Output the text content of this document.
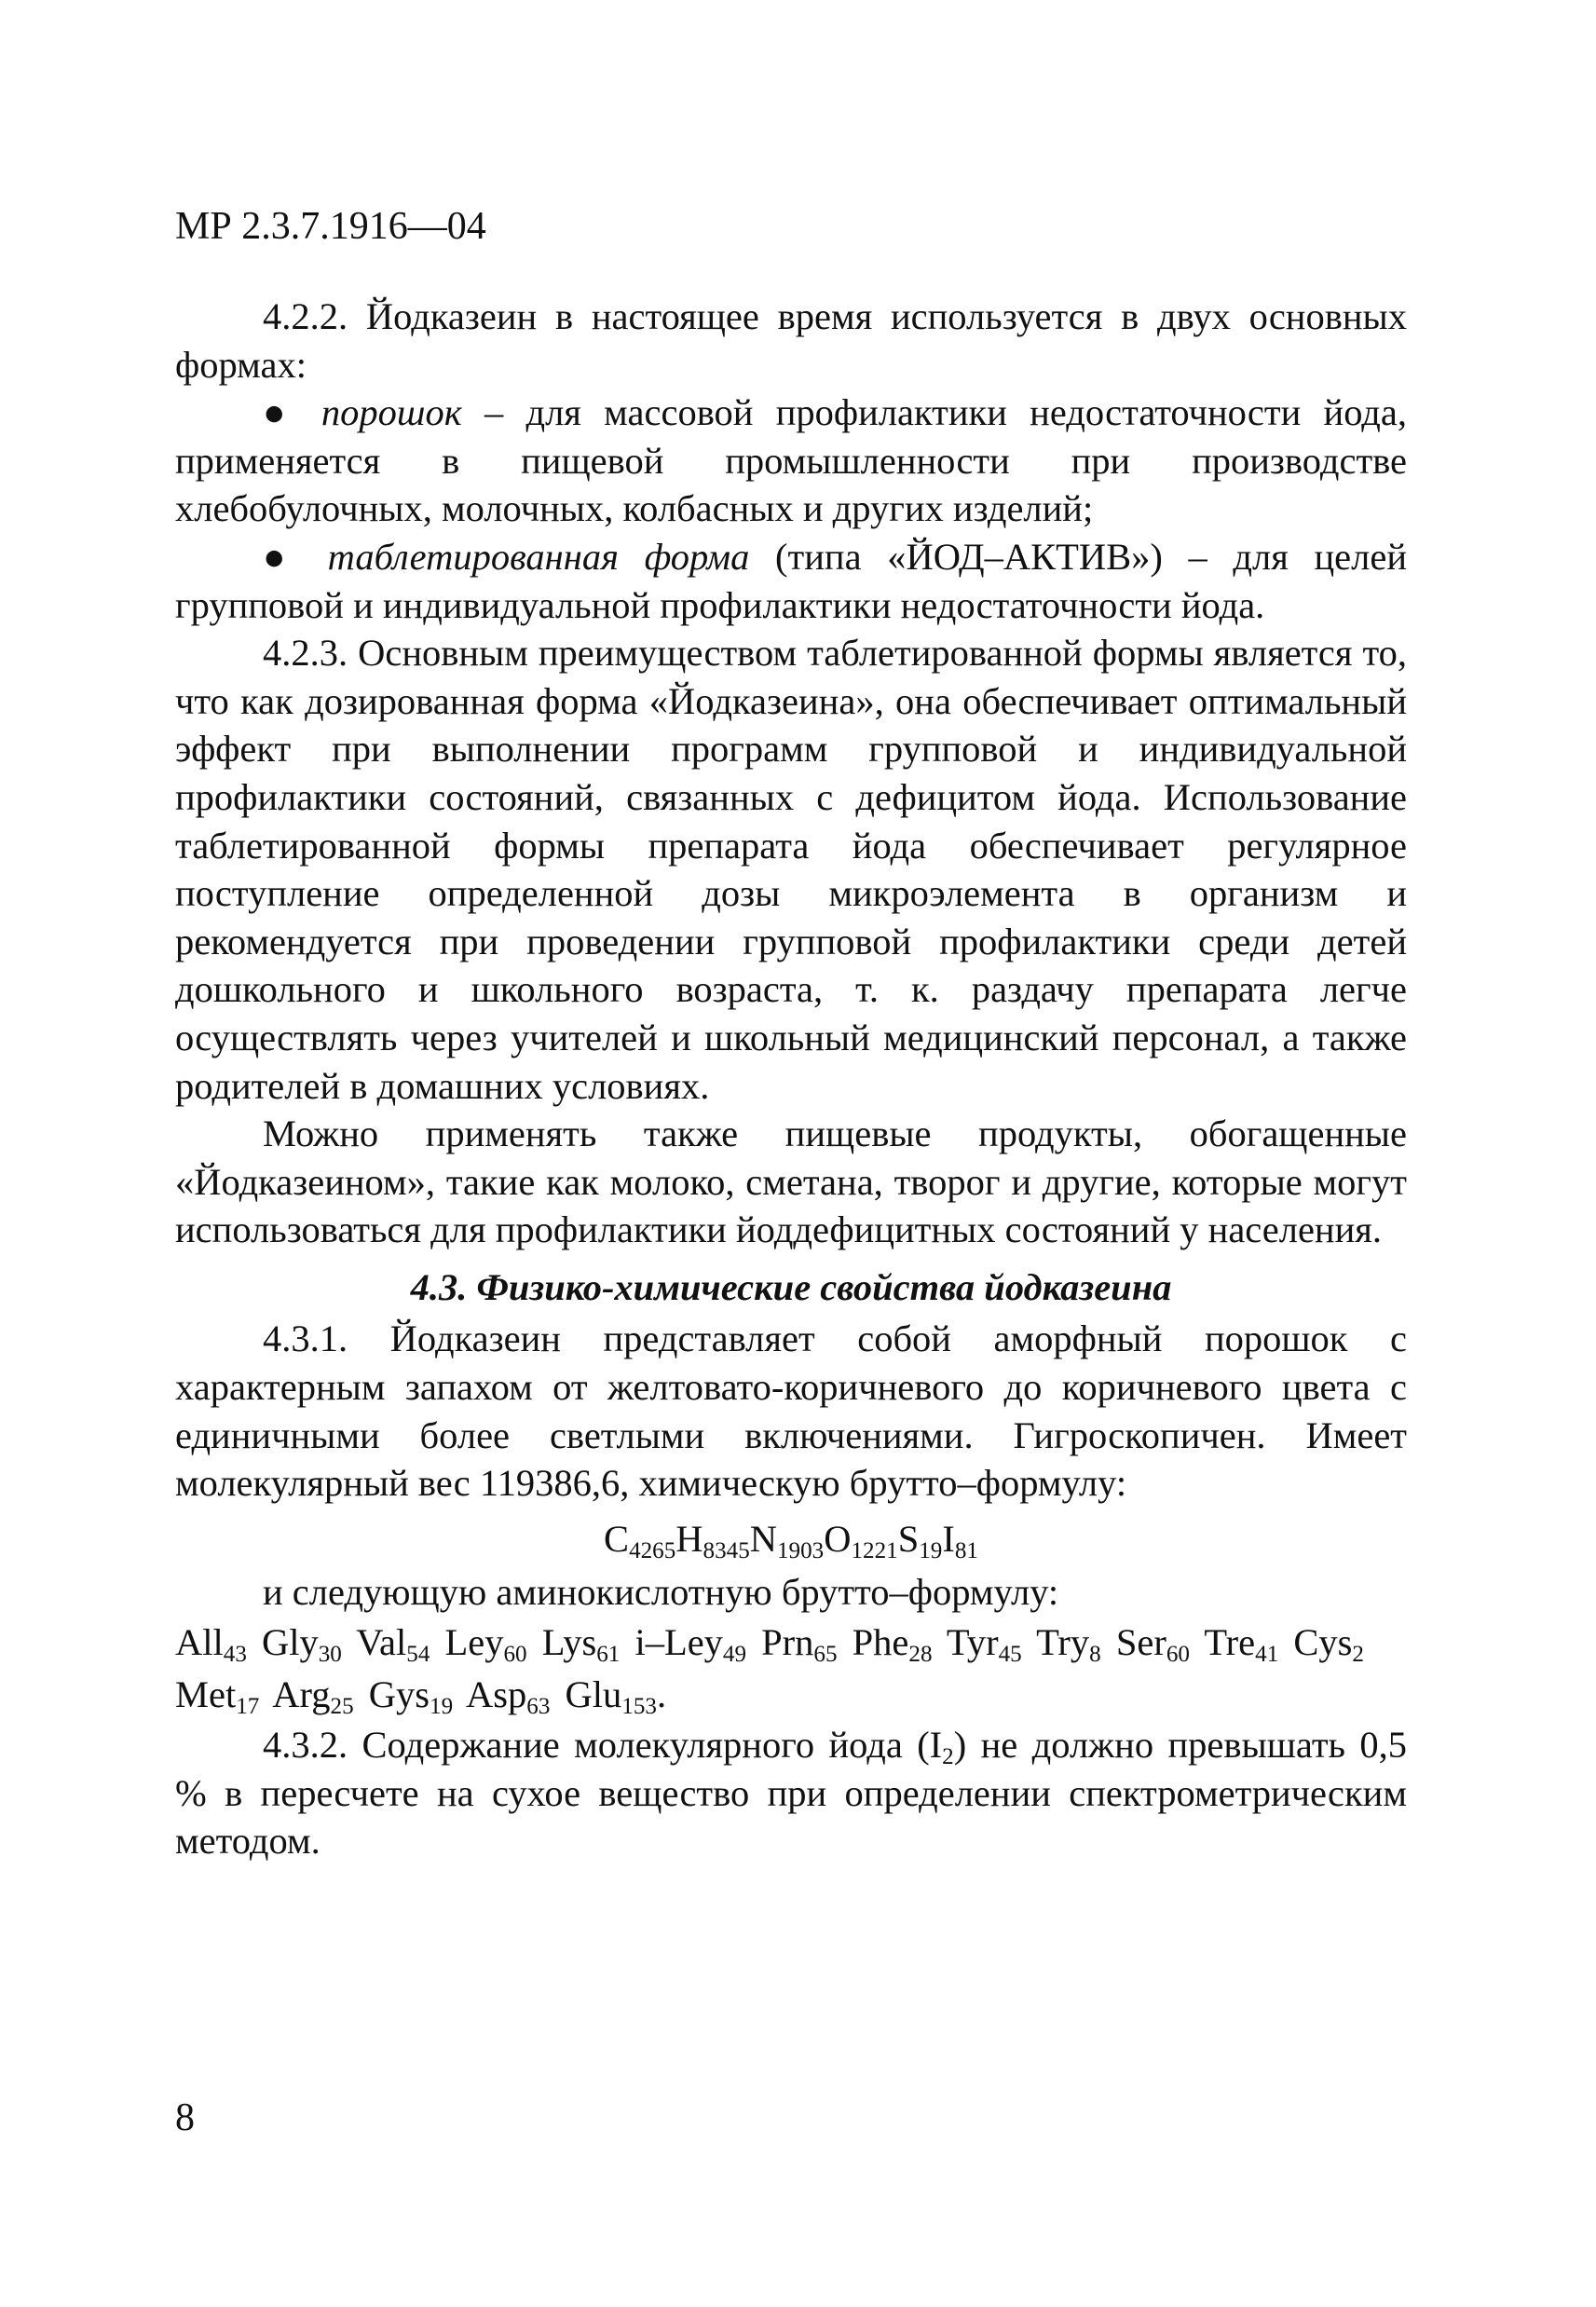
МР 2.3.7.1916—04

4.2.2. Йодказеин в настоящее время используется в двух основных формах:

● порошок – для массовой профилактики недостаточности йода, применяется в пищевой промышленности при производстве хлебобулочных, молочных, колбасных и других изделий;

● таблетированная форма (типа «ЙОД–АКТИВ») – для целей групповой и индивидуальной профилактики недостаточности йода.

4.2.3. Основным преимуществом таблетированной формы является то, что как дозированная форма «Йодказеина», она обеспечивает оптимальный эффект при выполнении программ групповой и индивидуальной профилактики состояний, связанных с дефицитом йода. Использование таблетированной формы препарата йода обеспечивает регулярное поступление определенной дозы микроэлемента в организм и рекомендуется при проведении групповой профилактики среди детей дошкольного и школьного возраста, т. к. раздачу препарата легче осуществлять через учителей и школьный медицинский персонал, а также родителей в домашних условиях.

Можно применять также пищевые продукты, обогащенные «Йодказеином», такие как молоко, сметана, творог и другие, которые могут использоваться для профилактики йоддефицитных состояний у населения.

4.3. Физико-химические свойства йодказеина

4.3.1. Йодказеин представляет собой аморфный порошок с характерным запахом от желтовато-коричневого до коричневого цвета с единичными более светлыми включениями. Гигроскопичен. Имеет молекулярный вес 119386,6, химическую брутто–формулу:

$C_{4265}H_{8345}N_{1903}O_{1221}S_{19}I_{81}$

и следующую аминокислотную брутто–формулу:

All$_{43}$ Gly$_{30}$ Val$_{54}$ Ley$_{60}$ Lys$_{61}$ i–Ley$_{49}$ Prn$_{65}$ Phe$_{28}$ Tyr$_{45}$ Try$_8$ Ser$_{60}$ Tre$_{41}$ Cys$_2$ Met$_{17}$ Arg$_{25}$ Gys$_{19}$ Asp$_{63}$ Glu$_{153}$.

4.3.2. Содержание молекулярного йода $(I_2)$ не должно превышать 0,5 % в пересчете на сухое вещество при определении спектрометрическим методом.

8
